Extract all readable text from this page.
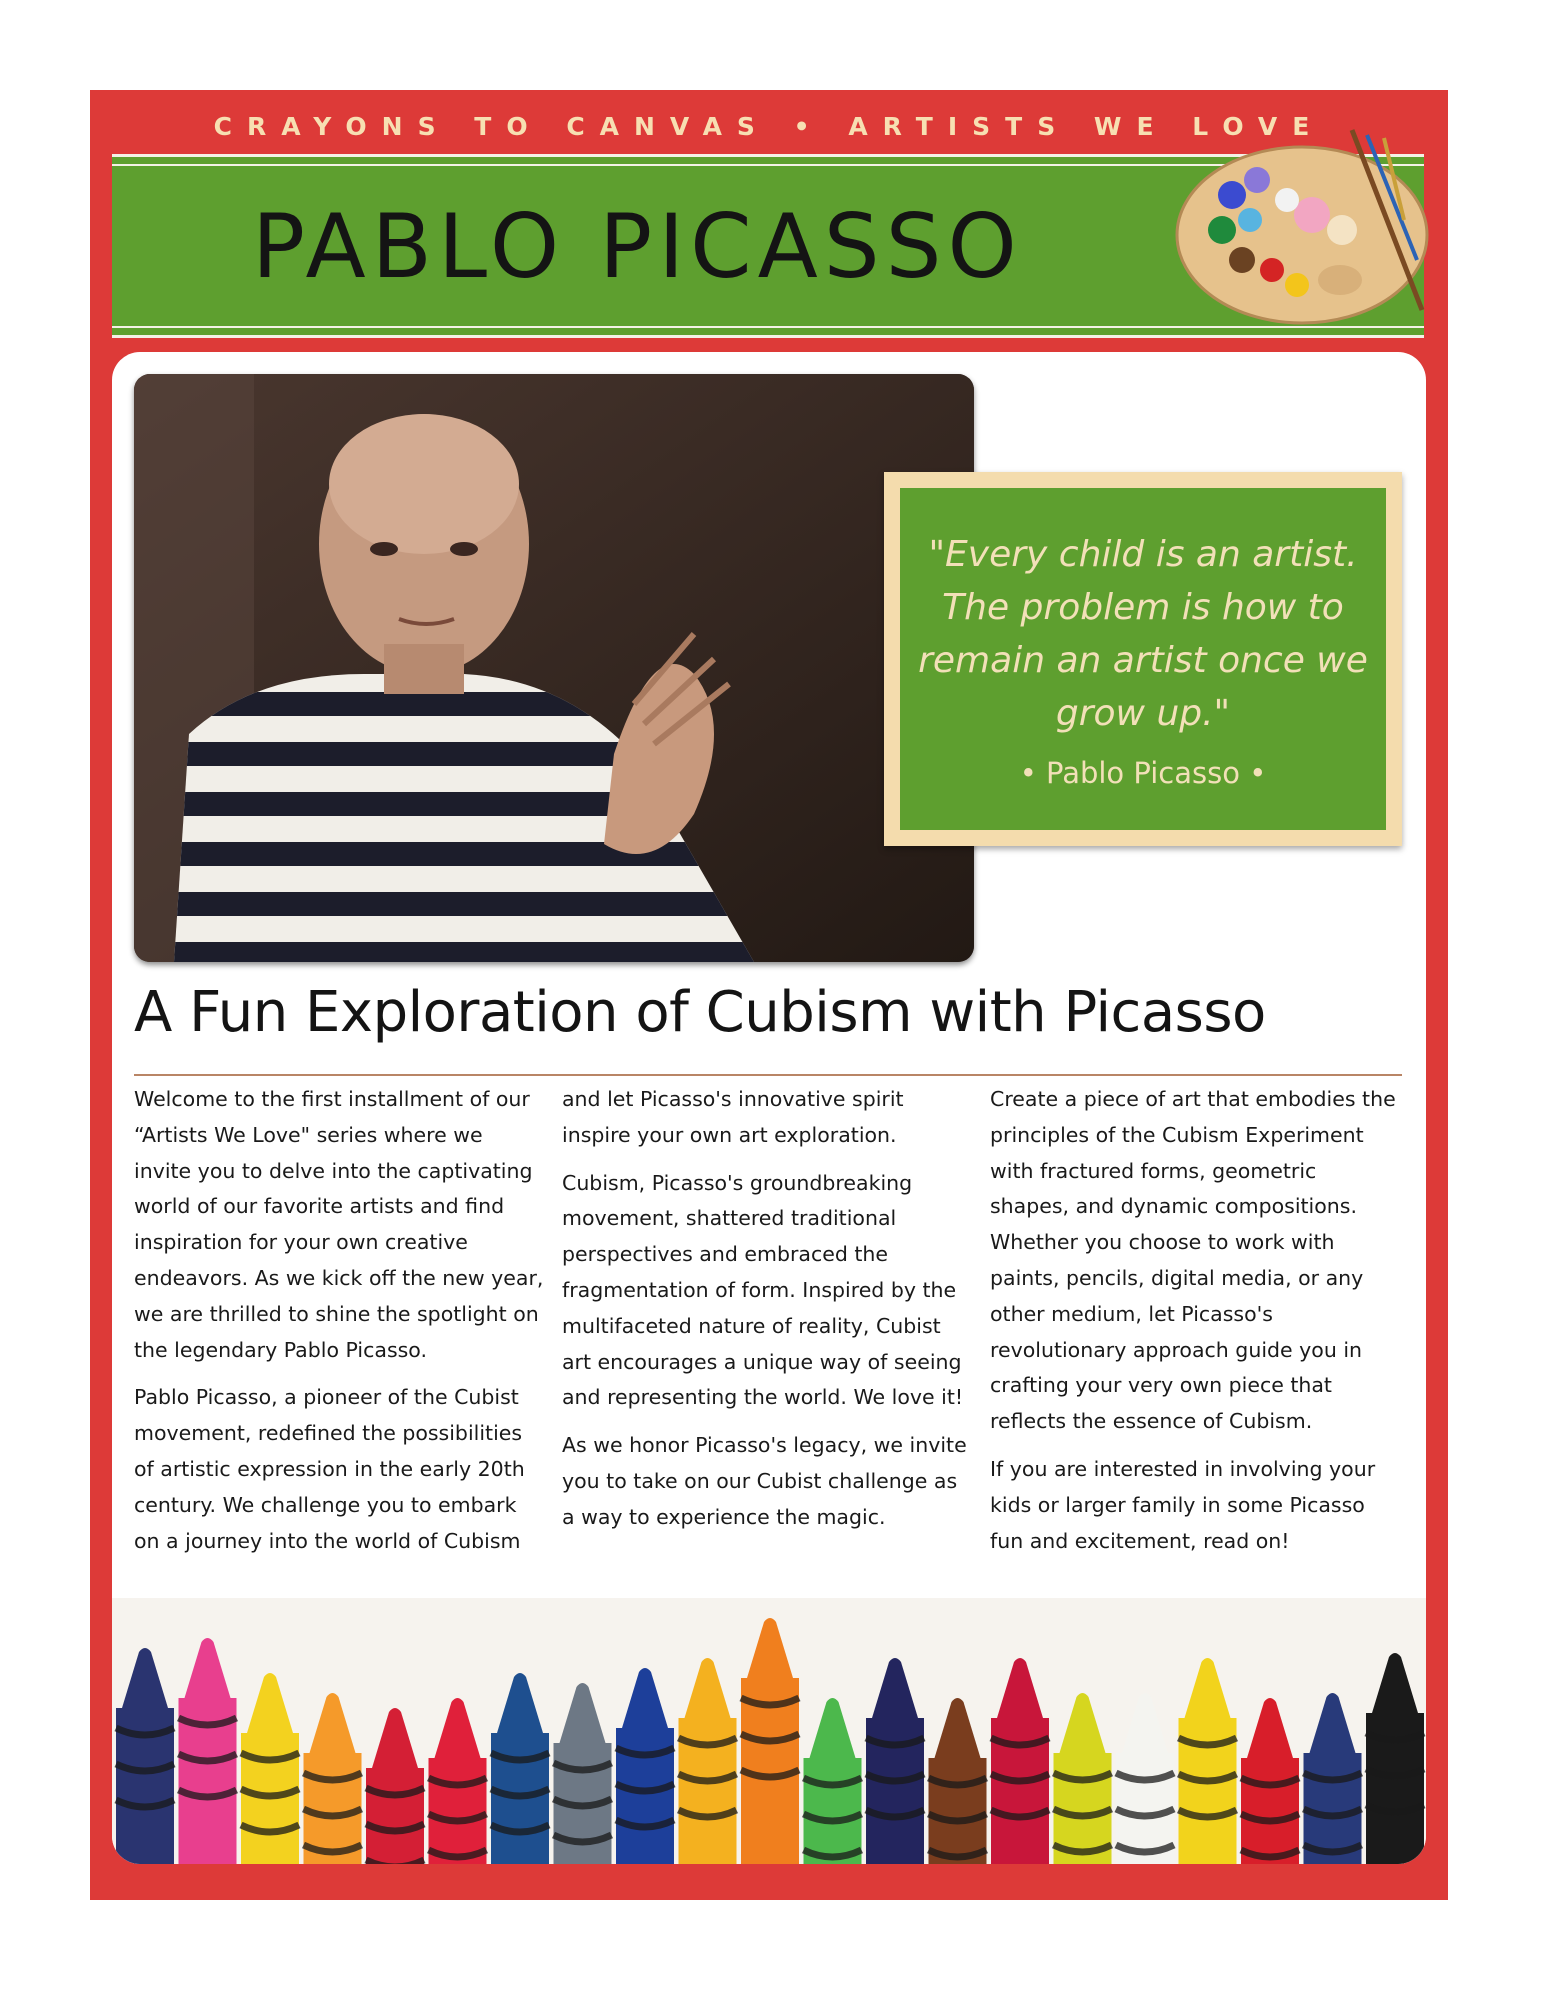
CRAYONS TO CANVAS • ARTISTS WE LOVE
PABLO PICASSO
"Every child is an artist. The problem is how to remain an artist once we grow up."
• Pablo Picasso •
A Fun Exploration of Cubism with Picasso

Welcome to the first installment of our “Artists We Love" series where we invite you to delve into the captivating world of our favorite artists and find inspiration for your own creative endeavors. As we kick off the new year, we are thrilled to shine the spotlight on the legendary Pablo Picasso.

Pablo Picasso, a pioneer of the Cubist movement, redefined the possibilities of artistic expression in the early 20th century. We challenge you to embark on a journey into the world of Cubism

and let Picasso's innovative spirit inspire your own art exploration.

Cubism, Picasso's groundbreaking movement, shattered traditional perspectives and embraced the fragmentation of form. Inspired by the multifaceted nature of reality, Cubist art encourages a unique way of seeing and representing the world. We love it!

As we honor Picasso's legacy, we invite you to take on our Cubist challenge as a way to experience the magic.

Create a piece of art that embodies the principles of the Cubism Experiment with fractured forms, geometric shapes, and dynamic compositions. Whether you choose to work with paints, pencils, digital media, or any other medium, let Picasso's revolutionary approach guide you in crafting your very own piece that reflects the essence of Cubism.

If you are interested in involving your kids or larger family in some Picasso fun and excitement, read on!
